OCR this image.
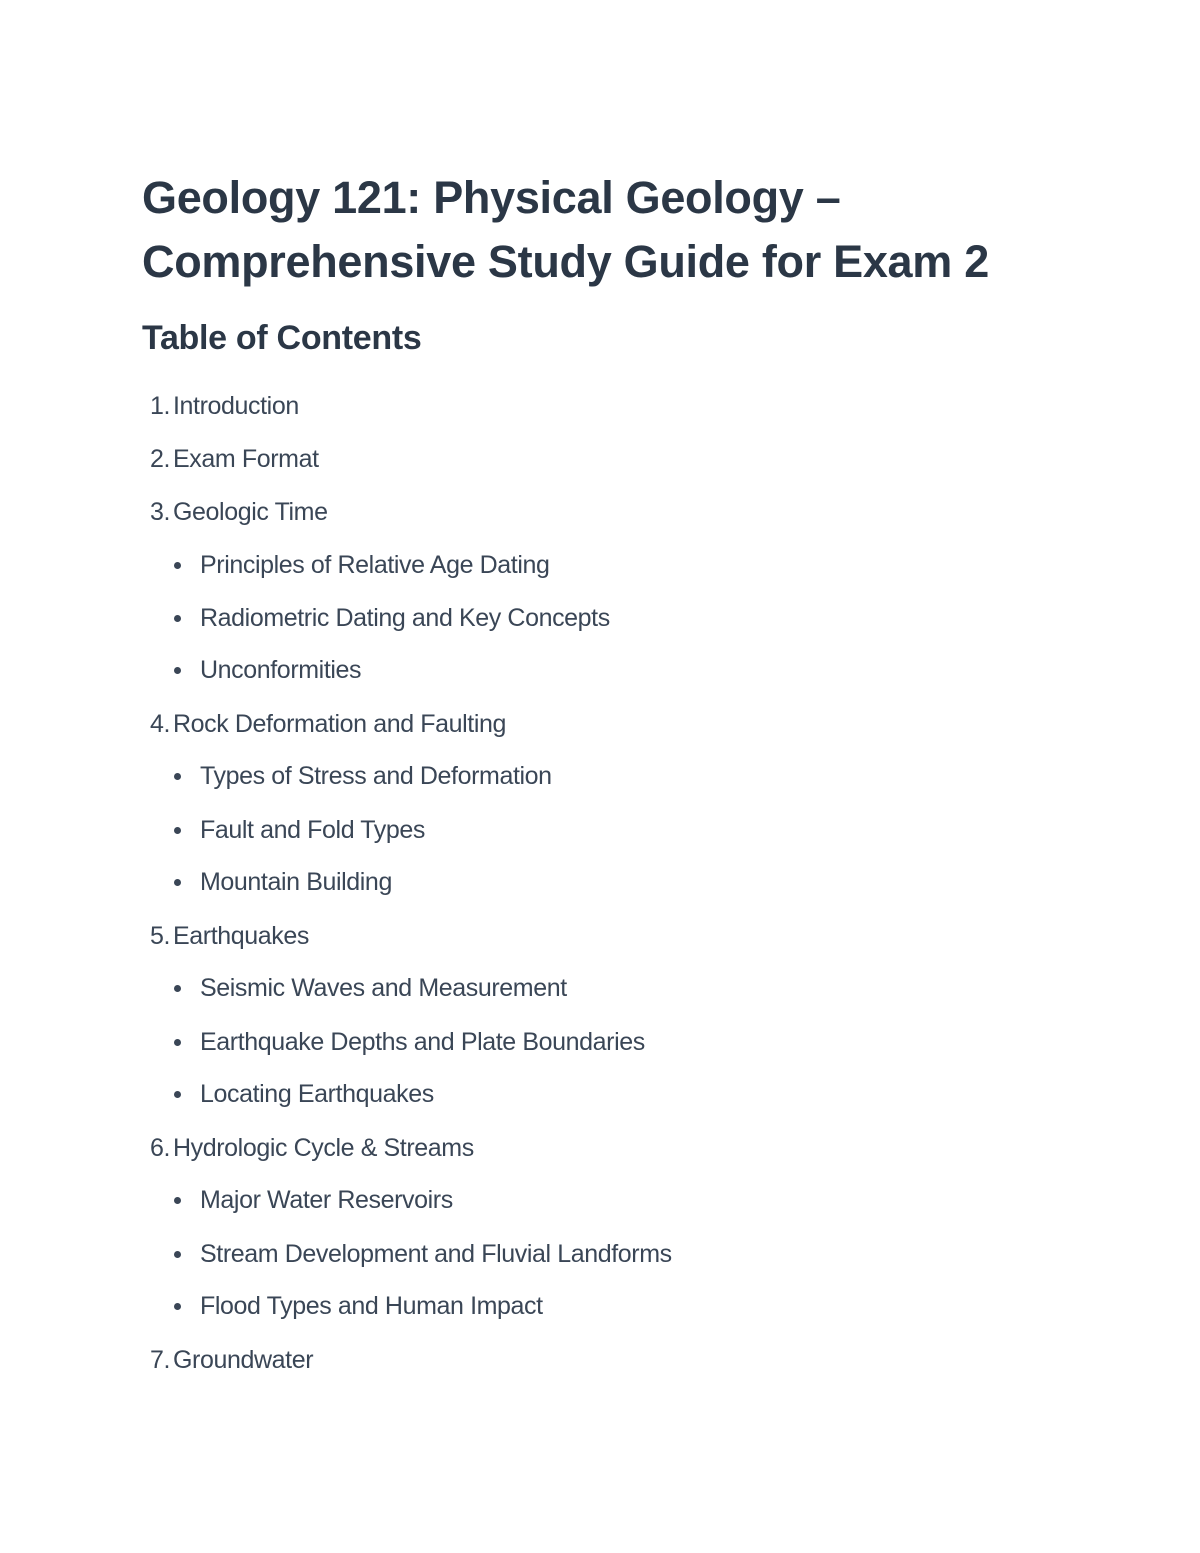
Geology 121: Physical Geology –
Comprehensive Study Guide for Exam 2
Table of Contents
1. Introduction
2. Exam Format
3. Geologic Time
Principles of Relative Age Dating
Radiometric Dating and Key Concepts
Unconformities
4. Rock Deformation and Faulting
Types of Stress and Deformation
Fault and Fold Types
Mountain Building
5. Earthquakes
Seismic Waves and Measurement
Earthquake Depths and Plate Boundaries
Locating Earthquakes
6. Hydrologic Cycle & Streams
Major Water Reservoirs
Stream Development and Fluvial Landforms
Flood Types and Human Impact
7. Groundwater
